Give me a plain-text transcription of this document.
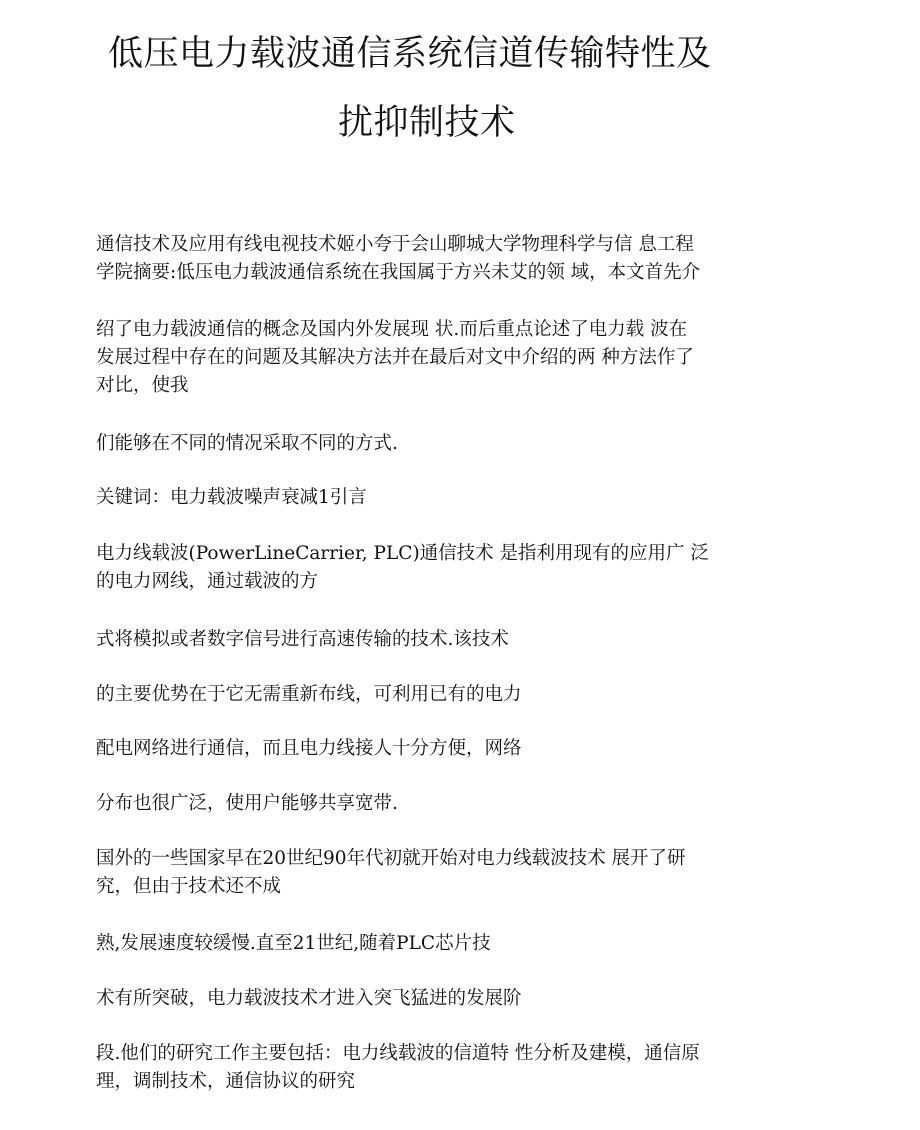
低压电力载波通信系统信道传输特性及
扰抑制技术
通信技术及应用有线电视技术姬小夸于会山聊城大学物理科学与信 息工程
学院摘要:低压电力载波通信系统在我国属于方兴未艾的领 域，本文首先介
绍了电力载波通信的概念及国内外发展现 状.而后重点论述了电力载 波在
发展过程中存在的问题及其解决方法并在最后对文中介绍的两 种方法作了
对比，使我
们能够在不同的情况采取不同的方式.
关键词：电力载波噪声衰减1引言
电力线载波(PowerLineCarrier, PLC)通信技术 是指利用现有的应用广 泛
的电力网线，通过载波的方
式将模拟或者数字信号进行高速传输的技术.该技术
的主要优势在于它无需重新布线，可利用已有的电力
配电网络进行通信，而且电力线接人十分方便，网络
分布也很广泛，使用户能够共享宽带.
国外的一些国家早在20世纪90年代初就开始对电力线载波技术 展开了研
究，但由于技术还不成
熟,发展速度较缓慢.直至21世纪,随着PLC芯片技
术有所突破，电力载波技术才进入突飞猛进的发展阶
段.他们的研究工作主要包括：电力线载波的信道特 性分析及建模，通信原
理，调制技术，通信协议的研究
